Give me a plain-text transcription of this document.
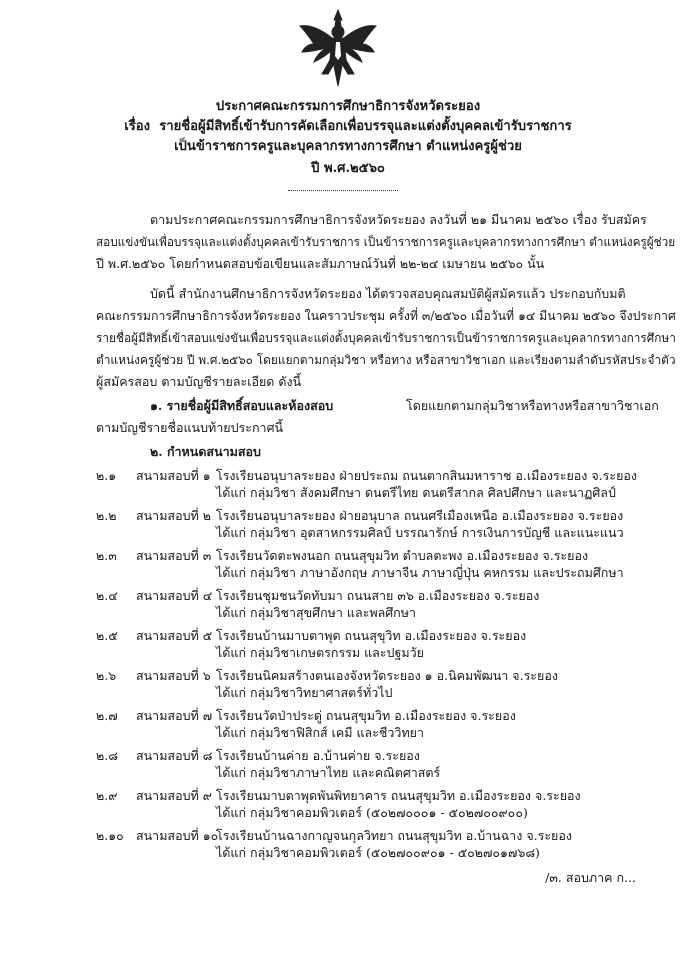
ประกาศคณะกรรมการศึกษาธิการจังหวัดระยอง
เรื่อง รายชื่อผู้มีสิทธิ์เข้ารับการคัดเลือกเพื่อบรรจุและแต่งตั้งบุคคลเข้ารับราชการ
เป็นข้าราชการครูและบุคลากรทางการศึกษา ตำแหน่งครูผู้ช่วย
ปี พ.ศ.๒๕๖๐
ตามประกาศคณะกรรมการศึกษาธิการจังหวัดระยอง ลงวันที่ ๒๑ มีนาคม ๒๕๖๐ เรื่อง รับสมัคร
สอบแข่งขันเพื่อบรรจุและแต่งตั้งบุคคลเข้ารับราชการ เป็นข้าราชการครูและบุคลากรทางการศึกษา ตำแหน่งครูผู้ช่วย
ปี พ.ศ.๒๕๖๐ โดยกำหนดสอบข้อเขียนและสัมภาษณ์วันที่ ๒๒-๒๔ เมษายน ๒๕๖๐ นั้น
บัดนี้ สำนักงานศึกษาธิการจังหวัดระยอง ได้ตรวจสอบคุณสมบัติผู้สมัครแล้ว ประกอบกับมติ
คณะกรรมการศึกษาธิการจังหวัดระยอง ในคราวประชุม ครั้งที่ ๓/๒๕๖๐ เมื่อวันที่ ๑๔ มีนาคม ๒๕๖๐ จึงประกาศ
รายชื่อผู้มีสิทธิ์เข้าสอบแข่งขันเพื่อบรรจุและแต่งตั้งบุคคลเข้ารับราชการเป็นข้าราชการครูและบุคลากรทางการศึกษา
ตำแหน่งครูผู้ช่วย ปี พ.ศ.๒๕๖๐ โดยแยกตามกลุ่มวิชา หรือทาง หรือสาขาวิชาเอก และเรียงตามลำดับรหัสประจำตัว
ผู้สมัครสอบ ตามบัญชีรายละเอียด ดังนี้
๑. รายชื่อผู้มีสิทธิ์สอบและห้องสอบ	โดยแยกตามกลุ่มวิชาหรือทางหรือสาขาวิชาเอก
ตามบัญชีรายชื่อแนบท้ายประกาศนี้
๒. กำหนดสนามสอบ
๒.๑ สนามสอบที่ ๑ โรงเรียนอนุบาลระยอง ฝ่ายประถม ถนนตากสินมหาราช อ.เมืองระยอง จ.ระยอง
ได้แก่ กลุ่มวิชา สังคมศึกษา ดนตรีไทย ดนตรีสากล ศิลปศึกษา และนาฏศิลป์
๒.๒ สนามสอบที่ ๒ โรงเรียนอนุบาลระยอง ฝ่ายอนุบาล ถนนศรีเมืองเหนือ อ.เมืองระยอง จ.ระยอง
ได้แก่ กลุ่มวิชา อุตสาหกรรมศิลป์ บรรณารักษ์ การเงินการบัญชี และแนะแนว
๒.๓ สนามสอบที่ ๓ โรงเรียนวัดตะพงนอก ถนนสุขุมวิท ตำบลตะพง อ.เมืองระยอง จ.ระยอง
ได้แก่ กลุ่มวิชา ภาษาอังกฤษ ภาษาจีน ภาษาญี่ปุ่น คหกรรม และประถมศึกษา
๒.๔ สนามสอบที่ ๔ โรงเรียนชุมชนวัดทับมา ถนนสาย ๓๖ อ.เมืองระยอง จ.ระยอง
ได้แก่ กลุ่มวิชาสุขศึกษา และพลศึกษา
๒.๕ สนามสอบที่ ๕ โรงเรียนบ้านมาบตาพุด ถนนสุขุวิท อ.เมืองระยอง จ.ระยอง
ได้แก่ กลุ่มวิชาเกษตรกรรม และปฐมวัย
๒.๖ สนามสอบที่ ๖ โรงเรียนนิคมสร้างตนเองจังหวัดระยอง ๑ อ.นิคมพัฒนา จ.ระยอง
ได้แก่ กลุ่มวิชาวิทยาศาสตร์ทั่วไป
๒.๗ สนามสอบที่ ๗ โรงเรียนวัดป่าประดู่ ถนนสุขุมวิท อ.เมืองระยอง จ.ระยอง
ได้แก่ กลุ่มวิชาฟิสิกส์ เคมี และชีววิทยา
๒.๘ สนามสอบที่ ๘ โรงเรียนบ้านค่าย อ.บ้านค่าย จ.ระยอง
ได้แก่ กลุ่มวิชาภาษาไทย และคณิตศาสตร์
๒.๙ สนามสอบที่ ๙ โรงเรียนมาบตาพุดพันพิทยาคาร ถนนสุขุมวิท อ.เมืองระยอง จ.ระยอง
ได้แก่ กลุ่มวิชาคอมพิวเตอร์ (๕๐๒๗๐๐๐๑ - ๕๐๒๗๐๐๙๐๐)
๒.๑๐ สนามสอบที่ ๑๐
โรงเรียนบ้านฉางกาญจนกุลวิทยา ถนนสุขุมวิท อ.บ้านฉาง จ.ระยอง
ได้แก่ กลุ่มวิชาคอมพิวเตอร์ (๕๐๒๗๐๐๙๐๑ - ๕๐๒๗๐๑๗๖๘)
/๓. สอบภาค ก...
